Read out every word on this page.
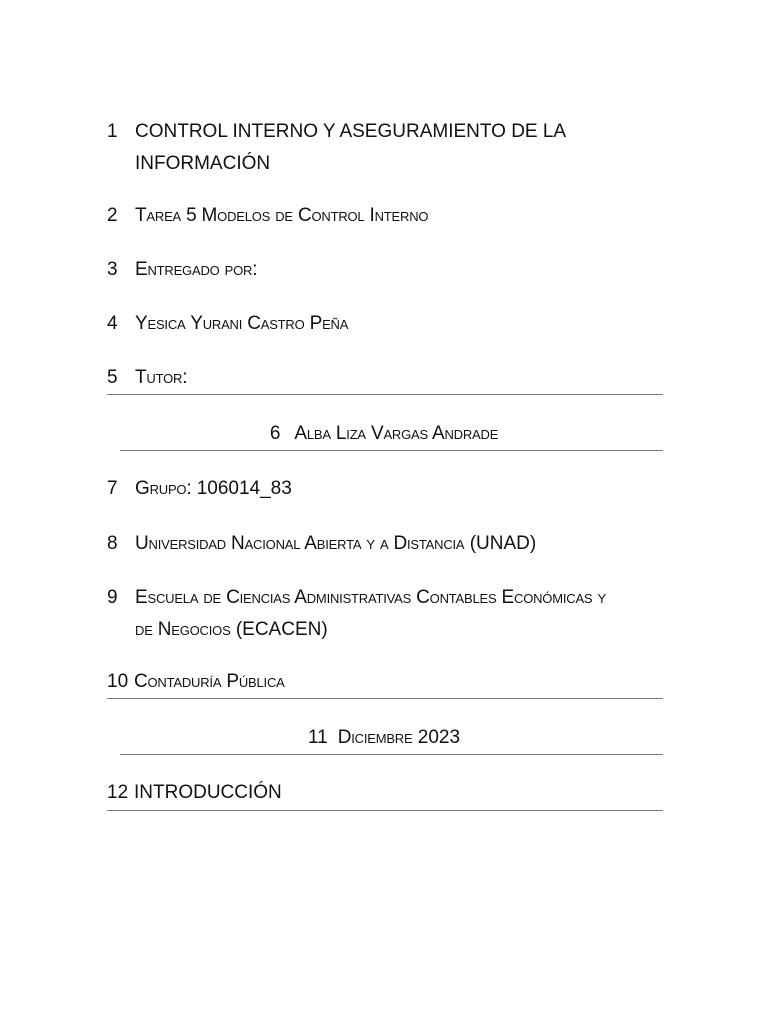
1 CONTROL INTERNO Y ASEGURAMIENTO DE LA
INFORMACIÓN
2 Tarea 5 Modelos de Control Interno
3 Entregado por:
4 Yesica Yurani Castro Peña
5 Tutor:
6 Alba Liza Vargas Andrade
7 Grupo: 106014_83
8 Universidad Nacional Abierta y a Distancia (UNAD)
9 Escuela de Ciencias Administrativas Contables Económicas y
de Negocios (ECACEN)
10 Contaduría Pública
11 Diciembre 2023
12 INTRODUCCIÓN
